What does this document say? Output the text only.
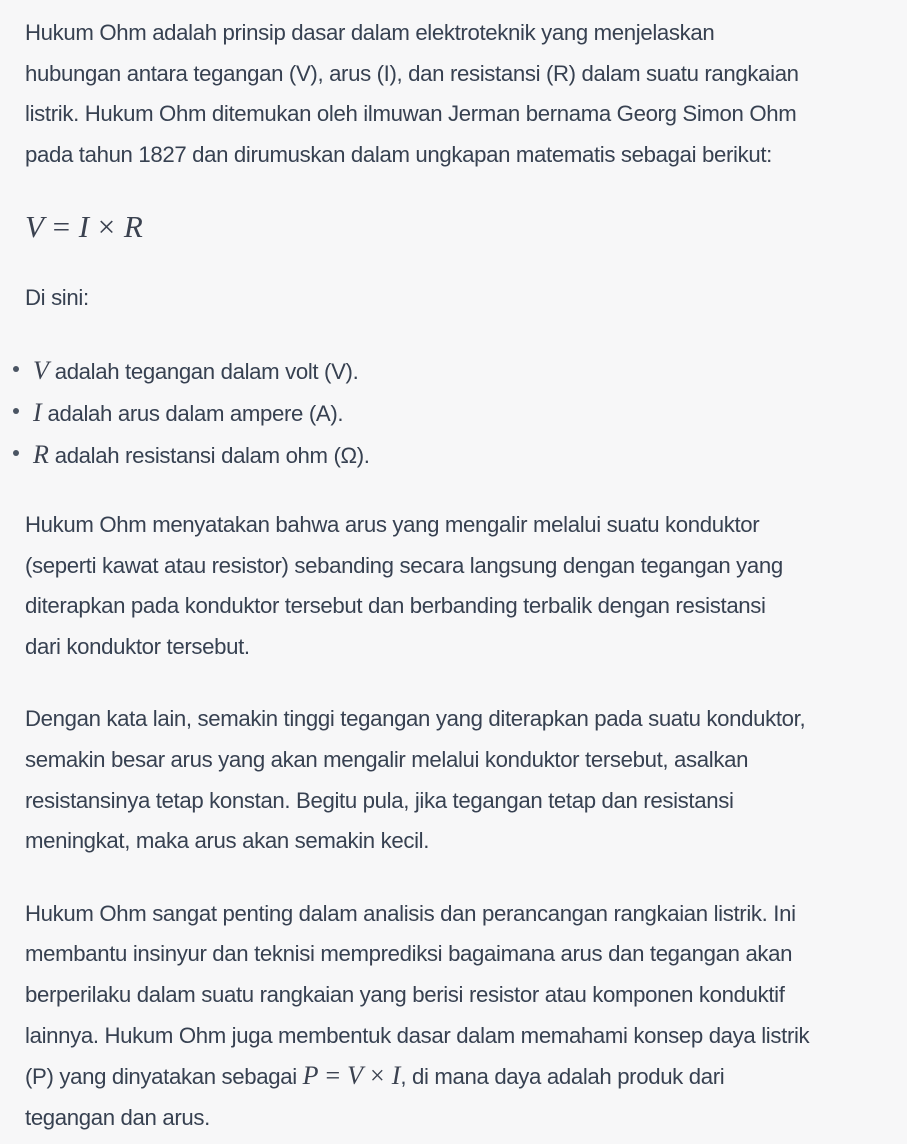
Hukum Ohm adalah prinsip dasar dalam elektroteknik yang menjelaskan

hubungan antara tegangan (V), arus (I), dan resistansi (R) dalam suatu rangkaian

listrik. Hukum Ohm ditemukan oleh ilmuwan Jerman bernama Georg Simon Ohm

pada tahun 1827 dan dirumuskan dalam ungkapan matematis sebagai berikut:

V = I × R

Di sini:

V adalah tegangan dalam volt (V).
I adalah arus dalam ampere (A).
R adalah resistansi dalam ohm (Ω).

Hukum Ohm menyatakan bahwa arus yang mengalir melalui suatu konduktor

(seperti kawat atau resistor) sebanding secara langsung dengan tegangan yang

diterapkan pada konduktor tersebut dan berbanding terbalik dengan resistansi

dari konduktor tersebut.

Dengan kata lain, semakin tinggi tegangan yang diterapkan pada suatu konduktor,

semakin besar arus yang akan mengalir melalui konduktor tersebut, asalkan

resistansinya tetap konstan. Begitu pula, jika tegangan tetap dan resistansi

meningkat, maka arus akan semakin kecil.

Hukum Ohm sangat penting dalam analisis dan perancangan rangkaian listrik. Ini

membantu insinyur dan teknisi memprediksi bagaimana arus dan tegangan akan

berperilaku dalam suatu rangkaian yang berisi resistor atau komponen konduktif

lainnya. Hukum Ohm juga membentuk dasar dalam memahami konsep daya listrik

(P) yang dinyatakan sebagai P = V × I, di mana daya adalah produk dari

tegangan dan arus.
